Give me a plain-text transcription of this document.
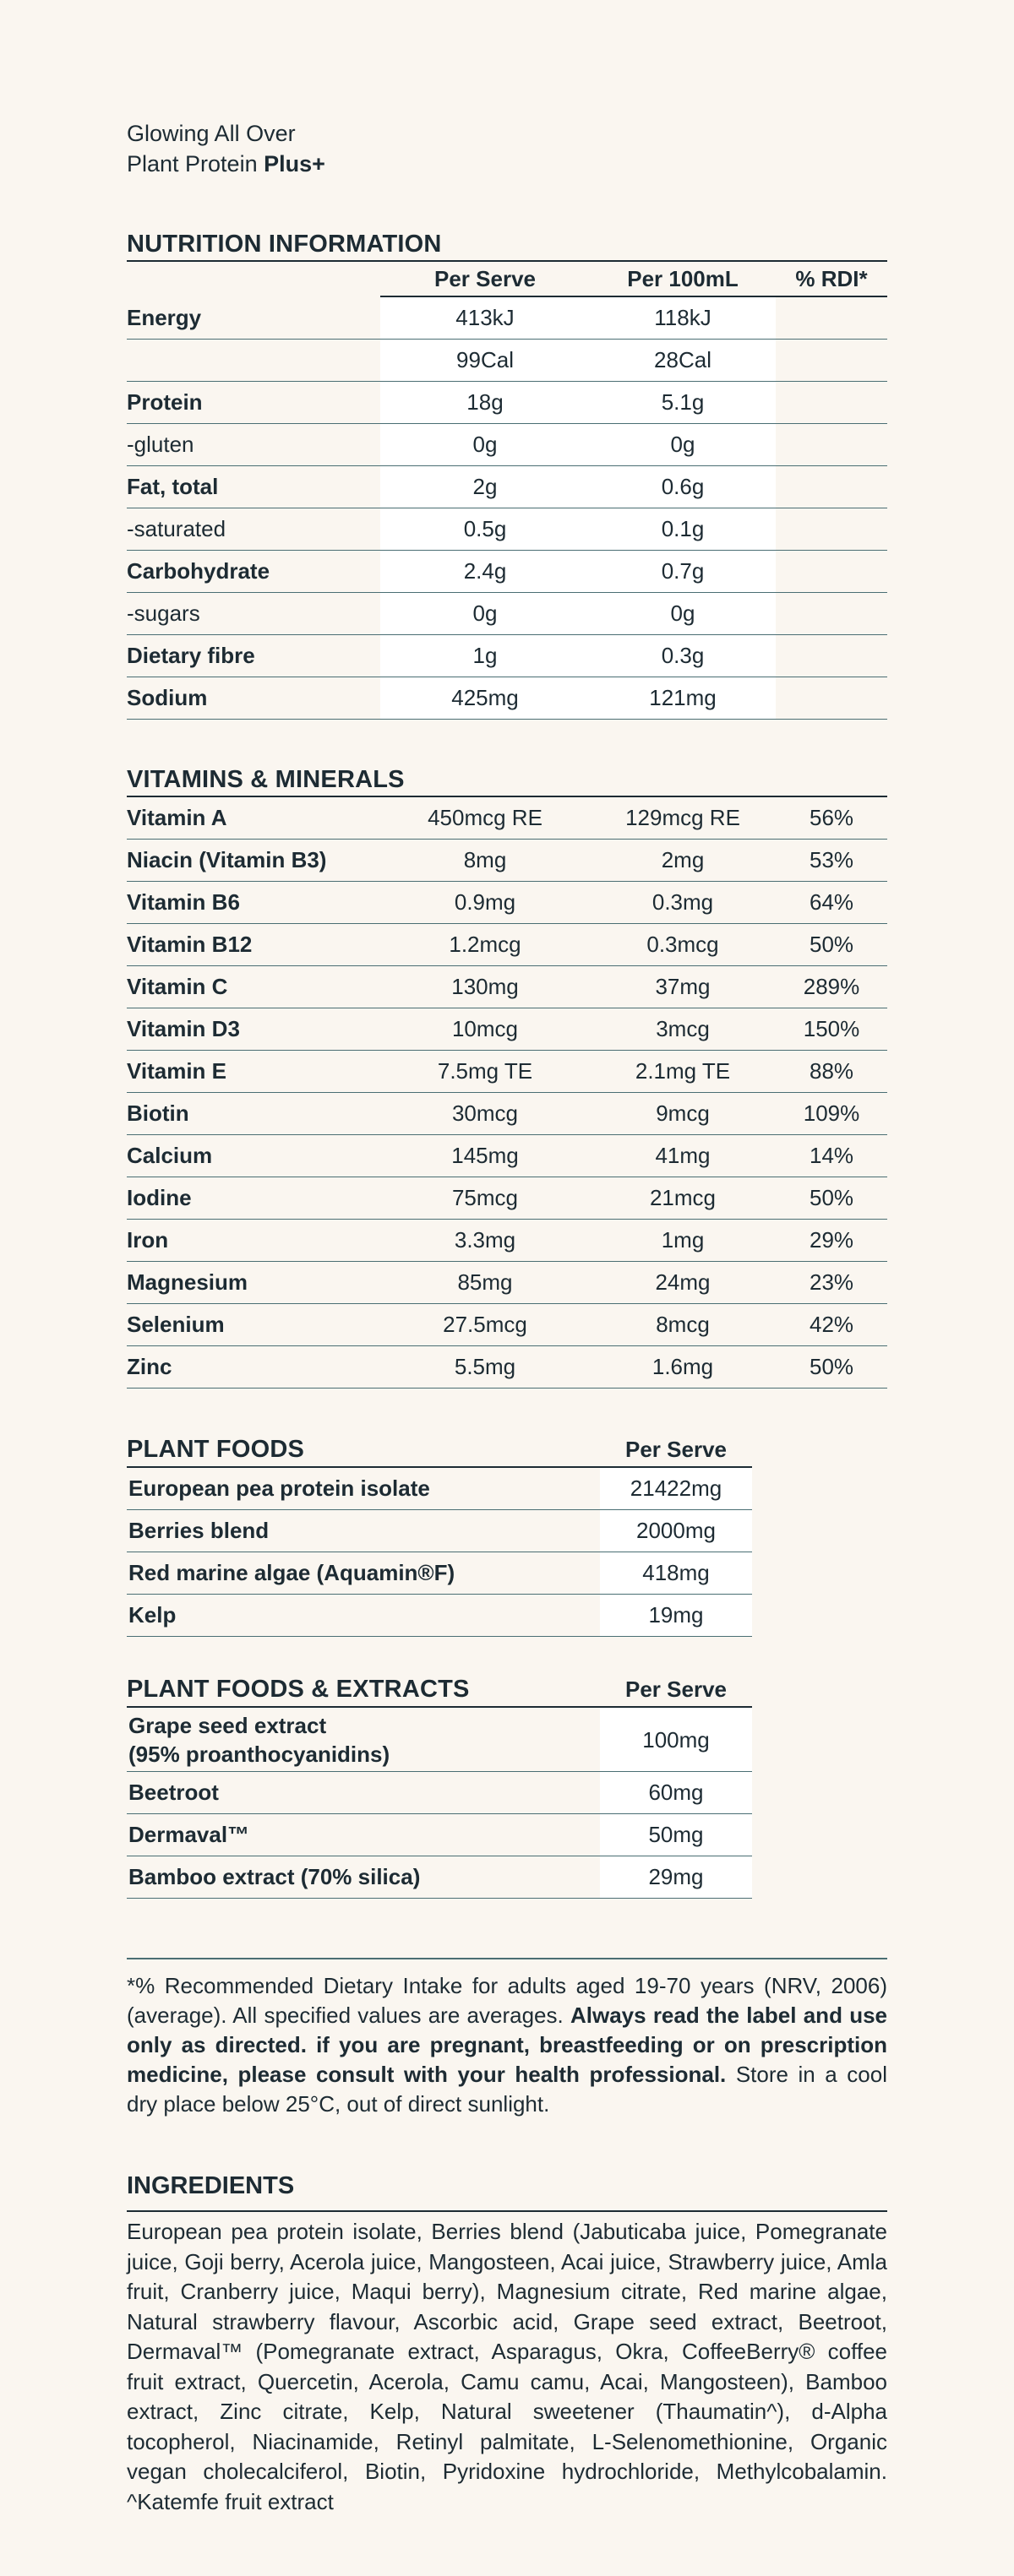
Glowing All Over
Plant Protein Plus+
NUTRITION INFORMATION			
	Per Serve	Per 100mL	% RDI*
Energy	413kJ	118kJ	
	99Cal	28Cal	
Protein	18g	5.1g	
-gluten	0g	0g	
Fat, total	2g	0.6g	
-saturated	0.5g	0.1g	
Carbohydrate	2.4g	0.7g	
-sugars	0g	0g	
Dietary fibre	1g	0.3g	
Sodium	425mg	121mg	
VITAMINS & MINERALS			
Vitamin A	450mcg RE	129mcg RE	56%
Niacin (Vitamin B3)	8mg	2mg	53%
Vitamin B6	0.9mg	0.3mg	64%
Vitamin B12	1.2mcg	0.3mcg	50%
Vitamin C	130mg	37mg	289%
Vitamin D3	10mcg	3mcg	150%
Vitamin E	7.5mg TE	2.1mg TE	88%
Biotin	30mcg	9mcg	109%
Calcium	145mg	41mg	14%
Iodine	75mcg	21mcg	50%
Iron	3.3mg	1mg	29%
Magnesium	85mg	24mg	23%
Selenium	27.5mcg	8mcg	42%
Zinc	5.5mg	1.6mg	50%
PLANT FOODS	Per Serve
European pea protein isolate	21422mg
Berries blend	2000mg
Red marine algae (Aquamin®F)	418mg
Kelp	19mg
PLANT FOODS & EXTRACTS	Per Serve

Grape seed extract
(95% proanthocyanidins)	100mg

Beetroot	60mg

Dermaval™	50mg

Bamboo extract (70% silica)	29mg
*% Recommended Dietary Intake for adults aged 19-70 years (NRV, 2006) (average). All specified values are averages. Always read the label and use only as directed. if you are pregnant, breastfeeding or on prescription medicine, please consult with your health professional. Store in a cool dry place below 25°C, out of direct sunlight.
INGREDIENTS
European pea protein isolate, Berries blend (Jabuticaba juice, Pomegranate juice, Goji berry, Acerola juice, Mangosteen, Acai juice, Strawberry juice, Amla fruit, Cranberry juice, Maqui berry), Magnesium citrate, Red marine algae, Natural strawberry flavour, Ascorbic acid, Grape seed extract, Beetroot, Dermaval™ (Pomegranate extract, Asparagus, Okra, CoffeeBerry® coffee fruit extract, Quercetin, Acerola, Camu camu, Acai, Mangosteen), Bamboo extract, Zinc citrate, Kelp, Natural sweetener (Thaumatin^), d-Alpha tocopherol, Niacinamide, Retinyl palmitate, L-Selenomethionine, Organic vegan cholecalciferol, Biotin, Pyridoxine hydrochloride, Methylcobalamin. ^Katemfe fruit extract
